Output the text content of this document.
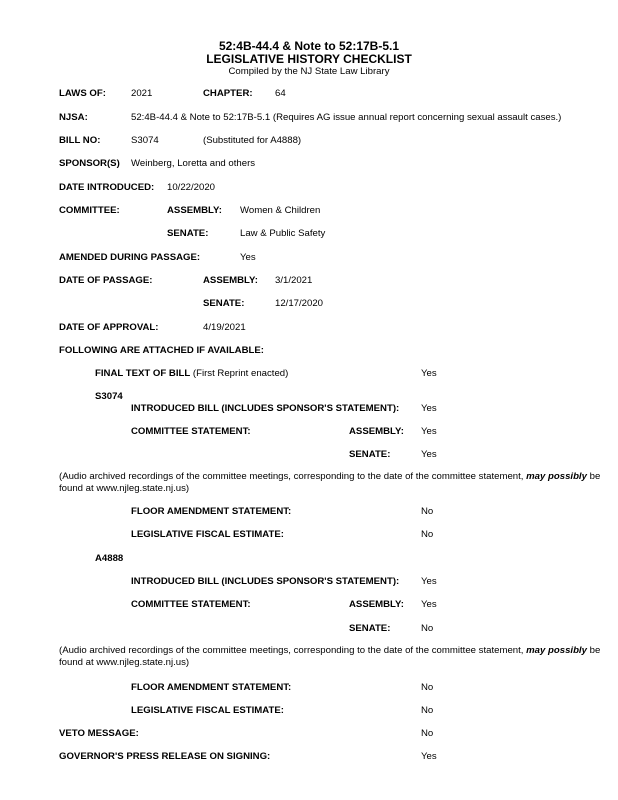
52:4B-44.4 & Note to 52:17B-5.1
LEGISLATIVE HISTORY CHECKLIST
Compiled by the NJ State Law Library
LAWS OF:	2021	CHAPTER: 64
NJSA:	52:4B-44.4 & Note to 52:17B-5.1 (Requires AG issue annual report concerning sexual assault cases.)
BILL NO:	S3074	(Substituted for A4888)
SPONSOR(S) Weinberg, Loretta and others
DATE INTRODUCED: 10/22/2020
COMMITTEE:	ASSEMBLY: Women & Children
SENATE:	Law & Public Safety
AMENDED DURING PASSAGE:	Yes
DATE OF PASSAGE:	ASSEMBLY: 3/1/2021
SENATE:	12/17/2020
DATE OF APPROVAL:	4/19/2021
FOLLOWING ARE ATTACHED IF AVAILABLE:
FINAL TEXT OF BILL (First Reprint enacted)	Yes
S3074
INTRODUCED BILL (INCLUDES SPONSOR'S STATEMENT): Yes
COMMITTEE STATEMENT:	ASSEMBLY: Yes
SENATE:	Yes
(Audio archived recordings of the committee meetings, corresponding to the date of the committee statement, may possibly be found at www.njleg.state.nj.us)
FLOOR AMENDMENT STATEMENT:	No
LEGISLATIVE FISCAL ESTIMATE:	No
A4888
INTRODUCED BILL (INCLUDES SPONSOR'S STATEMENT): Yes
COMMITTEE STATEMENT:	ASSEMBLY: Yes
SENATE:	No
(Audio archived recordings of the committee meetings, corresponding to the date of the committee statement, may possibly be found at www.njleg.state.nj.us)
FLOOR AMENDMENT STATEMENT:	No
LEGISLATIVE FISCAL ESTIMATE:	No
VETO MESSAGE:	No
GOVERNOR'S PRESS RELEASE ON SIGNING:	Yes
